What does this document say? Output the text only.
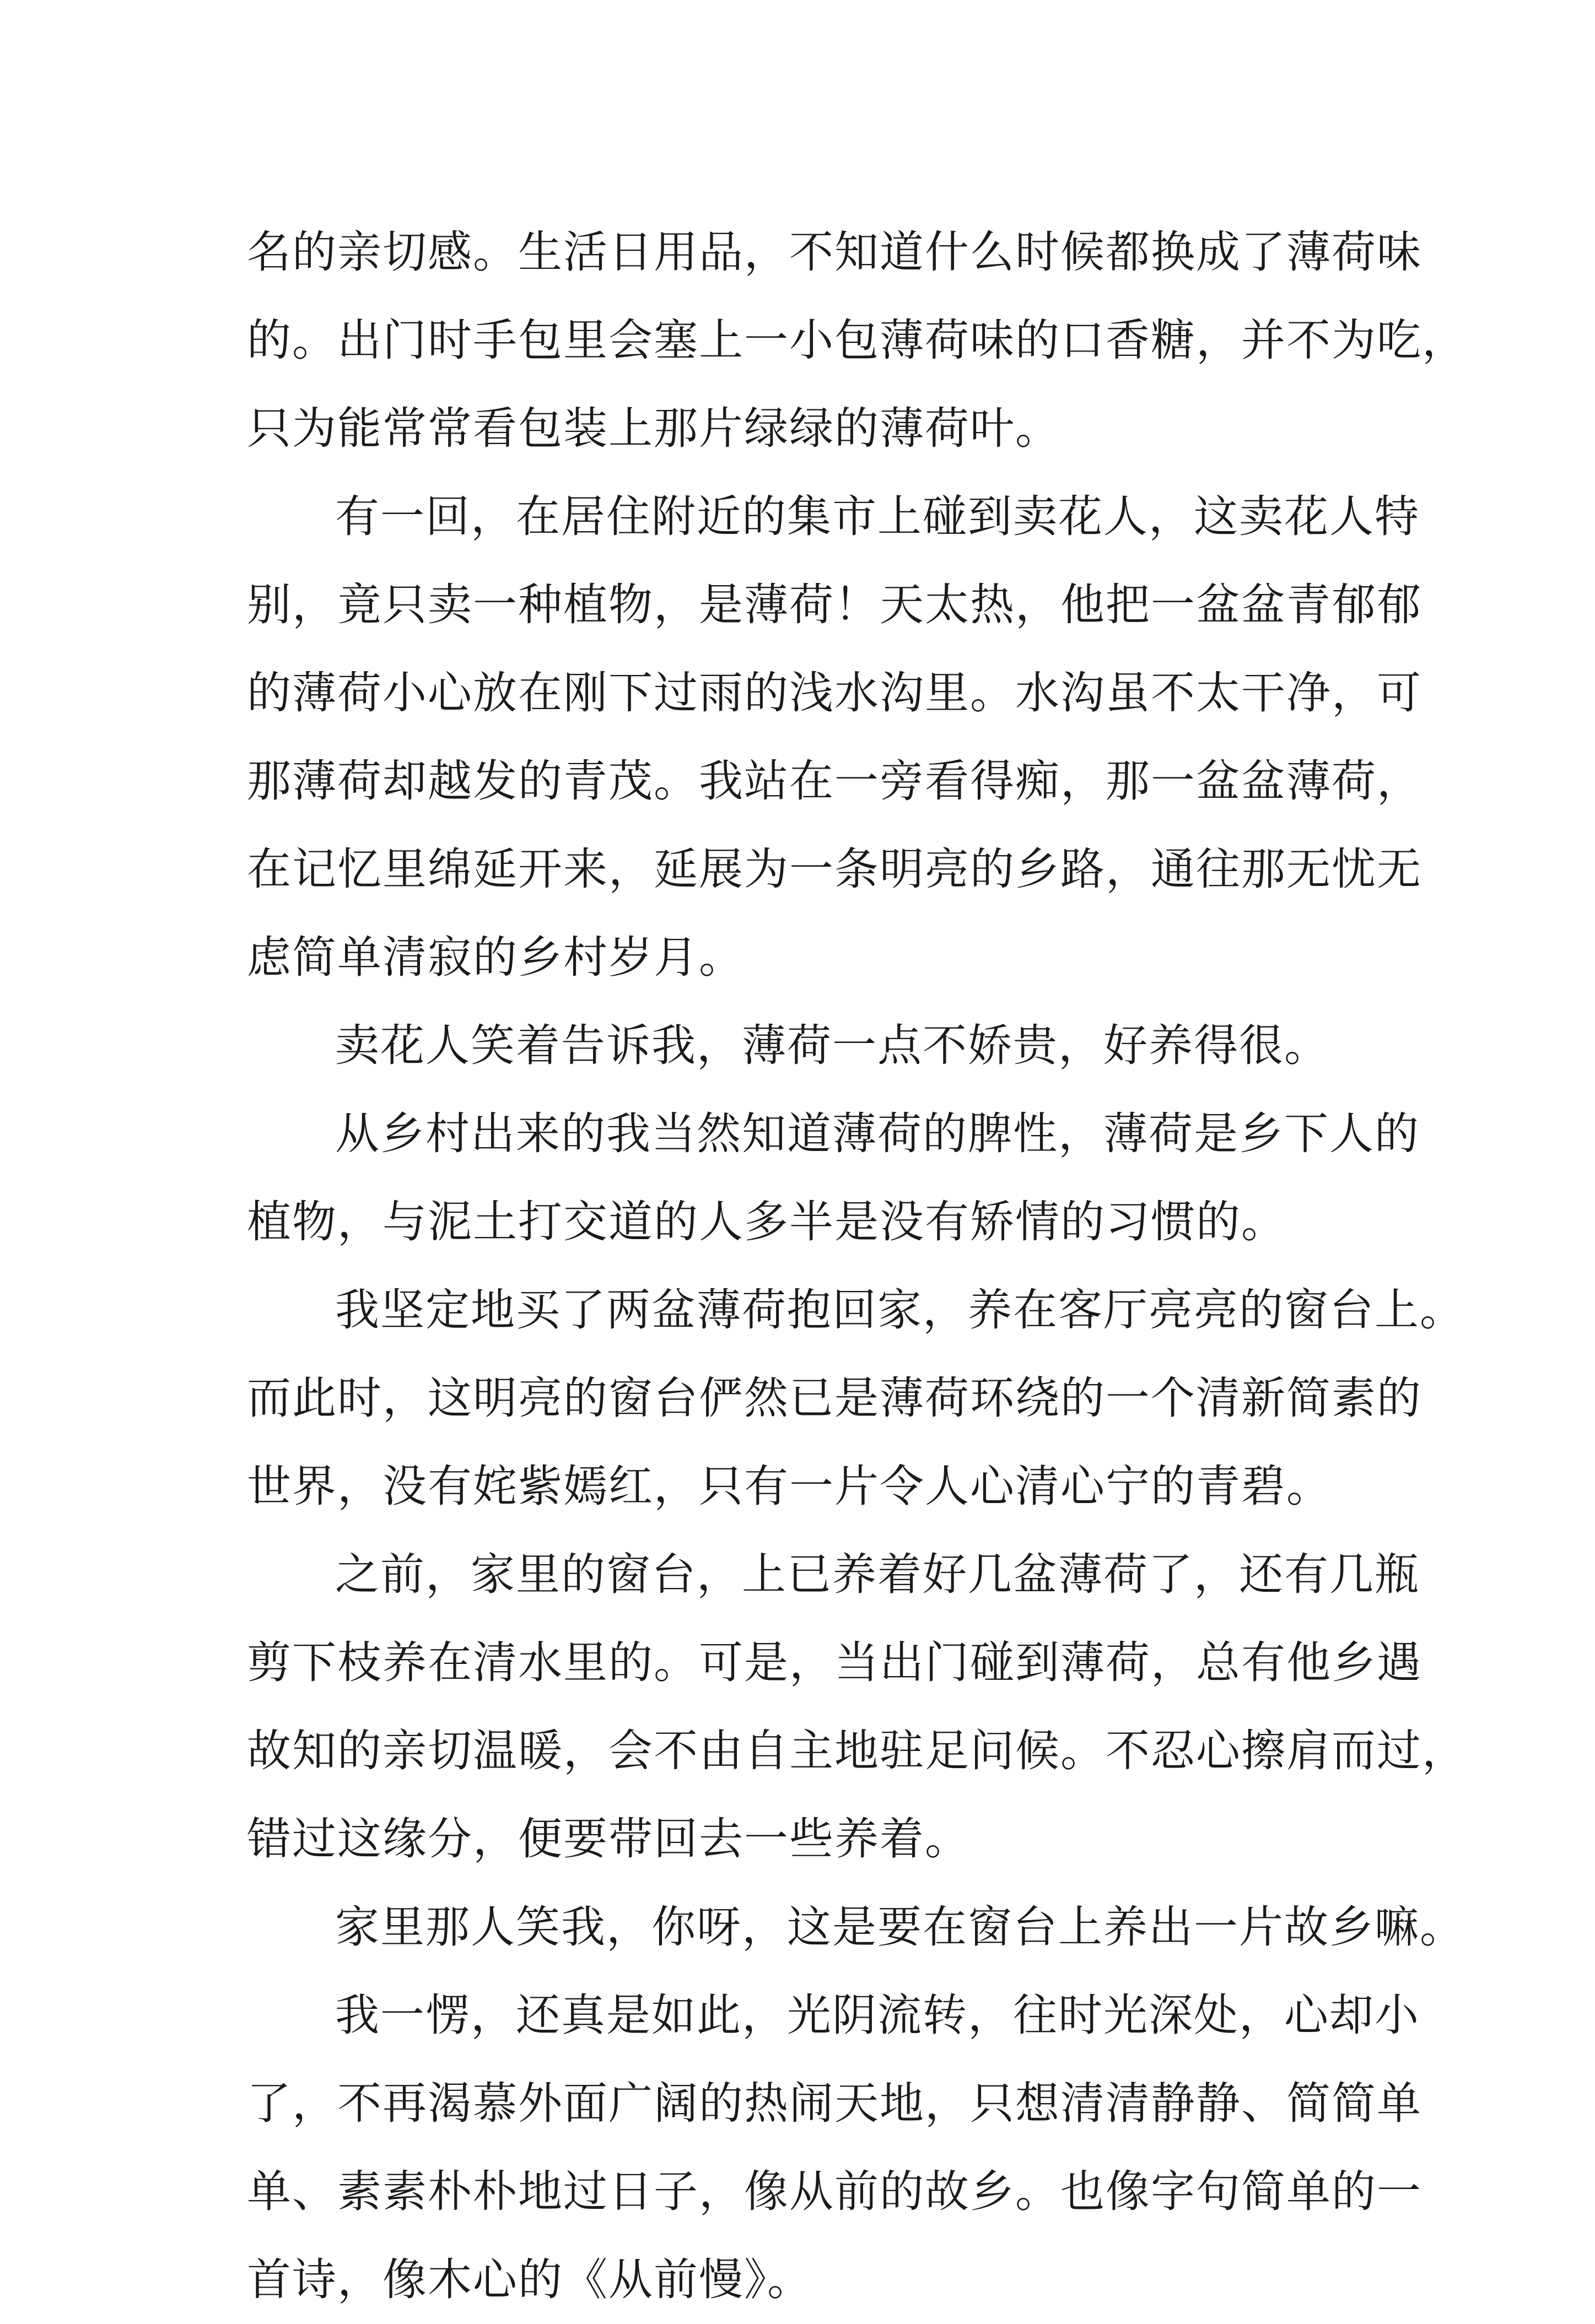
名的亲切感。生活日用品，不知道什么时候都换成了薄荷味
的。出门时手包里会塞上一小包薄荷味的口香糖，并不为吃，
只为能常常看包装上那片绿绿的薄荷叶。
有一回，在居住附近的集市上碰到卖花人，这卖花人特
别，竟只卖一种植物，是薄荷！天太热，他把一盆盆青郁郁
的薄荷小心放在刚下过雨的浅水沟里。水沟虽不太干净，可
那薄荷却越发的青茂。我站在一旁看得痴，那一盆盆薄荷，
在记忆里绵延开来，延展为一条明亮的乡路，通往那无忧无
虑简单清寂的乡村岁月。
卖花人笑着告诉我，薄荷一点不娇贵，好养得很。
从乡村出来的我当然知道薄荷的脾性，薄荷是乡下人的
植物，与泥土打交道的人多半是没有矫情的习惯的。
我坚定地买了两盆薄荷抱回家，养在客厅亮亮的窗台上。
而此时，这明亮的窗台俨然已是薄荷环绕的一个清新简素的
世界，没有姹紫嫣红，只有一片令人心清心宁的青碧。
之前，家里的窗台，上已养着好几盆薄荷了，还有几瓶
剪下枝养在清水里的。可是，当出门碰到薄荷，总有他乡遇
故知的亲切温暖，会不由自主地驻足问候。不忍心擦肩而过，
错过这缘分，便要带回去一些养着。
家里那人笑我，你呀，这是要在窗台上养出一片故乡嘛。
我一愣，还真是如此，光阴流转，往时光深处，心却小
了，不再渴慕外面广阔的热闹天地，只想清清静静、简简单
单、素素朴朴地过日子，像从前的故乡。也像字句简单的一
首诗，像木心的《从前慢》。
